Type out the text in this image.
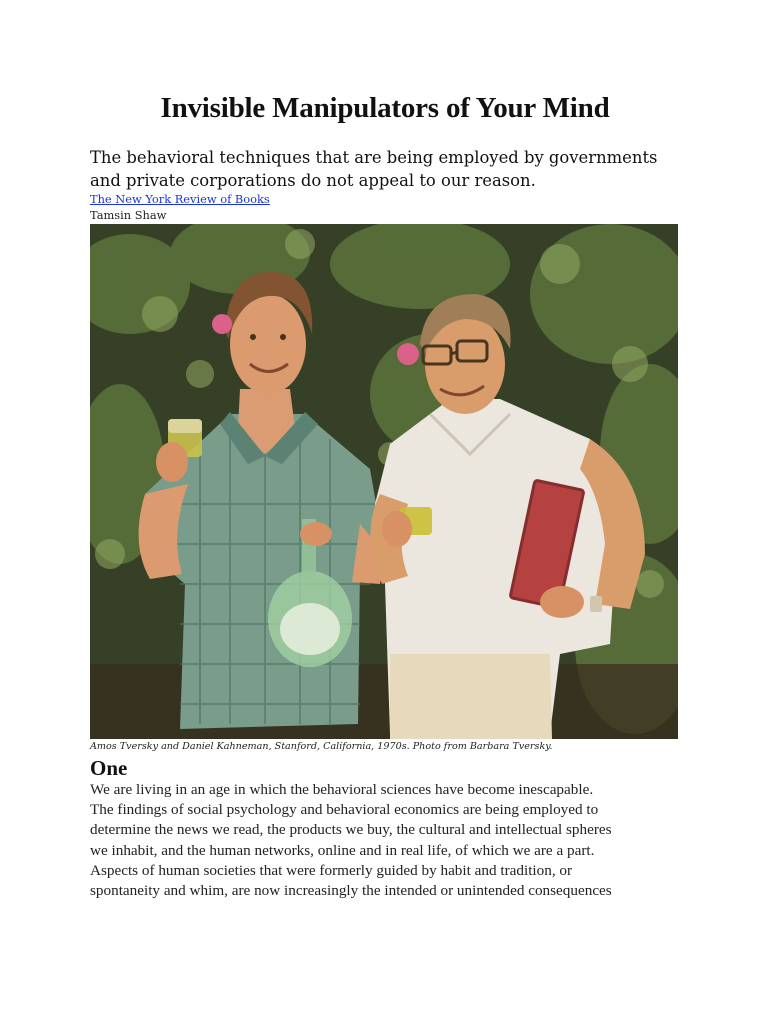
Invisible Manipulators of Your Mind

The behavioral techniques that are being employed by governments and private corporations do not appeal to our reason.

The New York Review of Books
Tamsin Shaw
Amos Tversky and Daniel Kahneman, Stanford, California, 1970s. Photo from Barbara Tversky.
One

We are living in an age in which the behavioral sciences have become inescapable.
The findings of social psychology and behavioral economics are being employed to
determine the news we read, the products we buy, the cultural and intellectual spheres
we inhabit, and the human networks, online and in real life, of which we are a part.
Aspects of human societies that were formerly guided by habit and tradition, or
spontaneity and whim, are now increasingly the intended or unintended consequences
